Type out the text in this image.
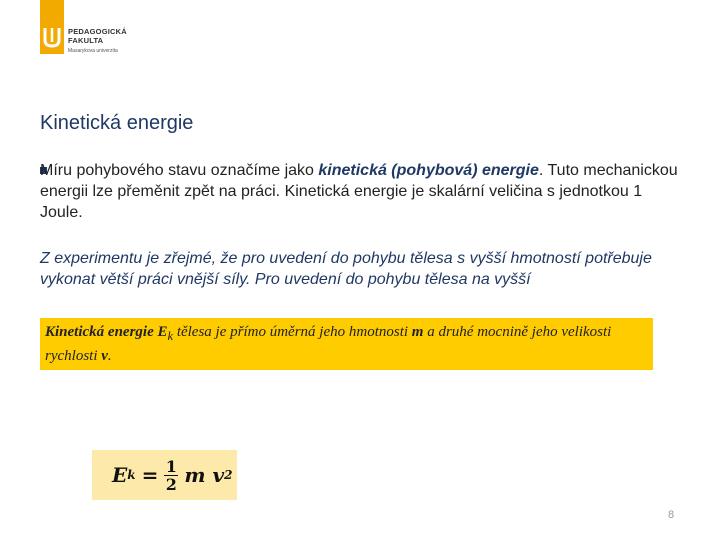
PEDAGOGICKÁ
FAKULTA
Masarykova univerzita
Kinetická energie

Míru pohybového stavu označíme jako kinetická (pohybová) energie. Tuto mechanickou energii lze přeměnit zpět na práci. Kinetická energie je skalární veličina s jednotkou 1 Joule.

Z experimentu je zřejmé, že pro uvedení do pohybu tělesa s vyšší hmotností potřebuje vykonat větší práci vnější síly. Pro uvedení do pohybu tělesa na vyšší

Kinetická energie $E_k$ tělesa je přímo úměrná jeho hmotnosti m a druhé mocnině jeho velikosti rychlosti v.
E $k = \frac{1}{2}$ m
v 2
8
